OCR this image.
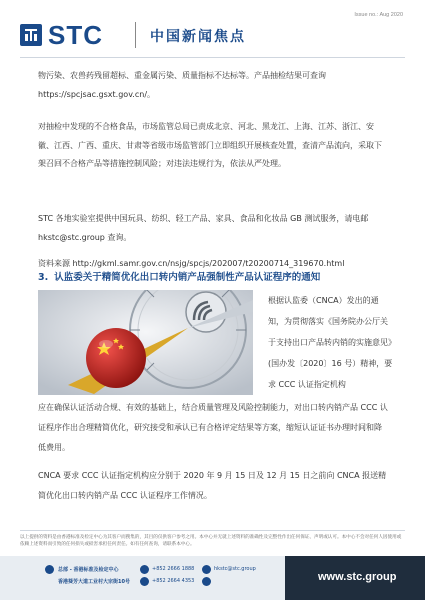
Issue no.: Aug 2020
STC	中国新闻焦点
物污染、农兽药残留超标、重金属污染、质量指标不达标等。产品抽检结果可查询 https://spcjsac.gsxt.gov.cn/。
对抽检中发现的不合格食品，市场监管总局已责成北京、河北、黑龙江、上海、江苏、浙江、安徽、江西、广西、重庆、甘肃等省级市场监管部门立即组织开展核查处置，查清产品流向，采取下架召回不合格产品等措施控制风险；对违法违规行为，依法从严处理。
STC 各地实验室提供中国玩具、纺织、轻工产品、家具、食品和化妆品 GB 测试服务，请电邮 hkstc@stc.group 查询。
资料来源 http://gkml.samr.gov.cn/nsjg/spcjs/202007/t20200714_319670.html
3. 认监委关于精简优化出口转内销产品强制性产品认证程序的通知
根据认监委（CNCA）发出的通知，为贯彻落实《国务院办公厅关于支持出口产品转内销的实施意见》(国办发〔2020〕16 号）精神，要求 CCC 认证指定机构
应在确保认证活动合规、有效的基础上，结合质量管理及风险控制能力，对出口转内销产品 CCC 认证程序作出合理精简优化，研究接受和承认已有合格评定结果等方案，缩短认证证书办理时间和降低费用。
CNCA 要求 CCC 认证指定机构应分别于 2020 年 9 月 15 日及 12 月 15 日之前向 CNCA 报送精简优化出口转内销产品 CCC 认证程序工作情况。
以上提供的资料是由香港标准及检定中心为其客户而搜集的，其目的仅供客户参考之用。本中心并无就上述资料的准确性及完整性作出任何保证、声明或认可。本中心不会对任何人因使用或依赖上述资料而引致的任何损失或损害承担任何责任。如有任何查询，请联系本中心。
www.stc.group
总部 - 香港标准及检定中心
香港葵芳大道工业村大宗街10号
+852 2666 1888
+852 2664 4353
hkstc@stc.group
